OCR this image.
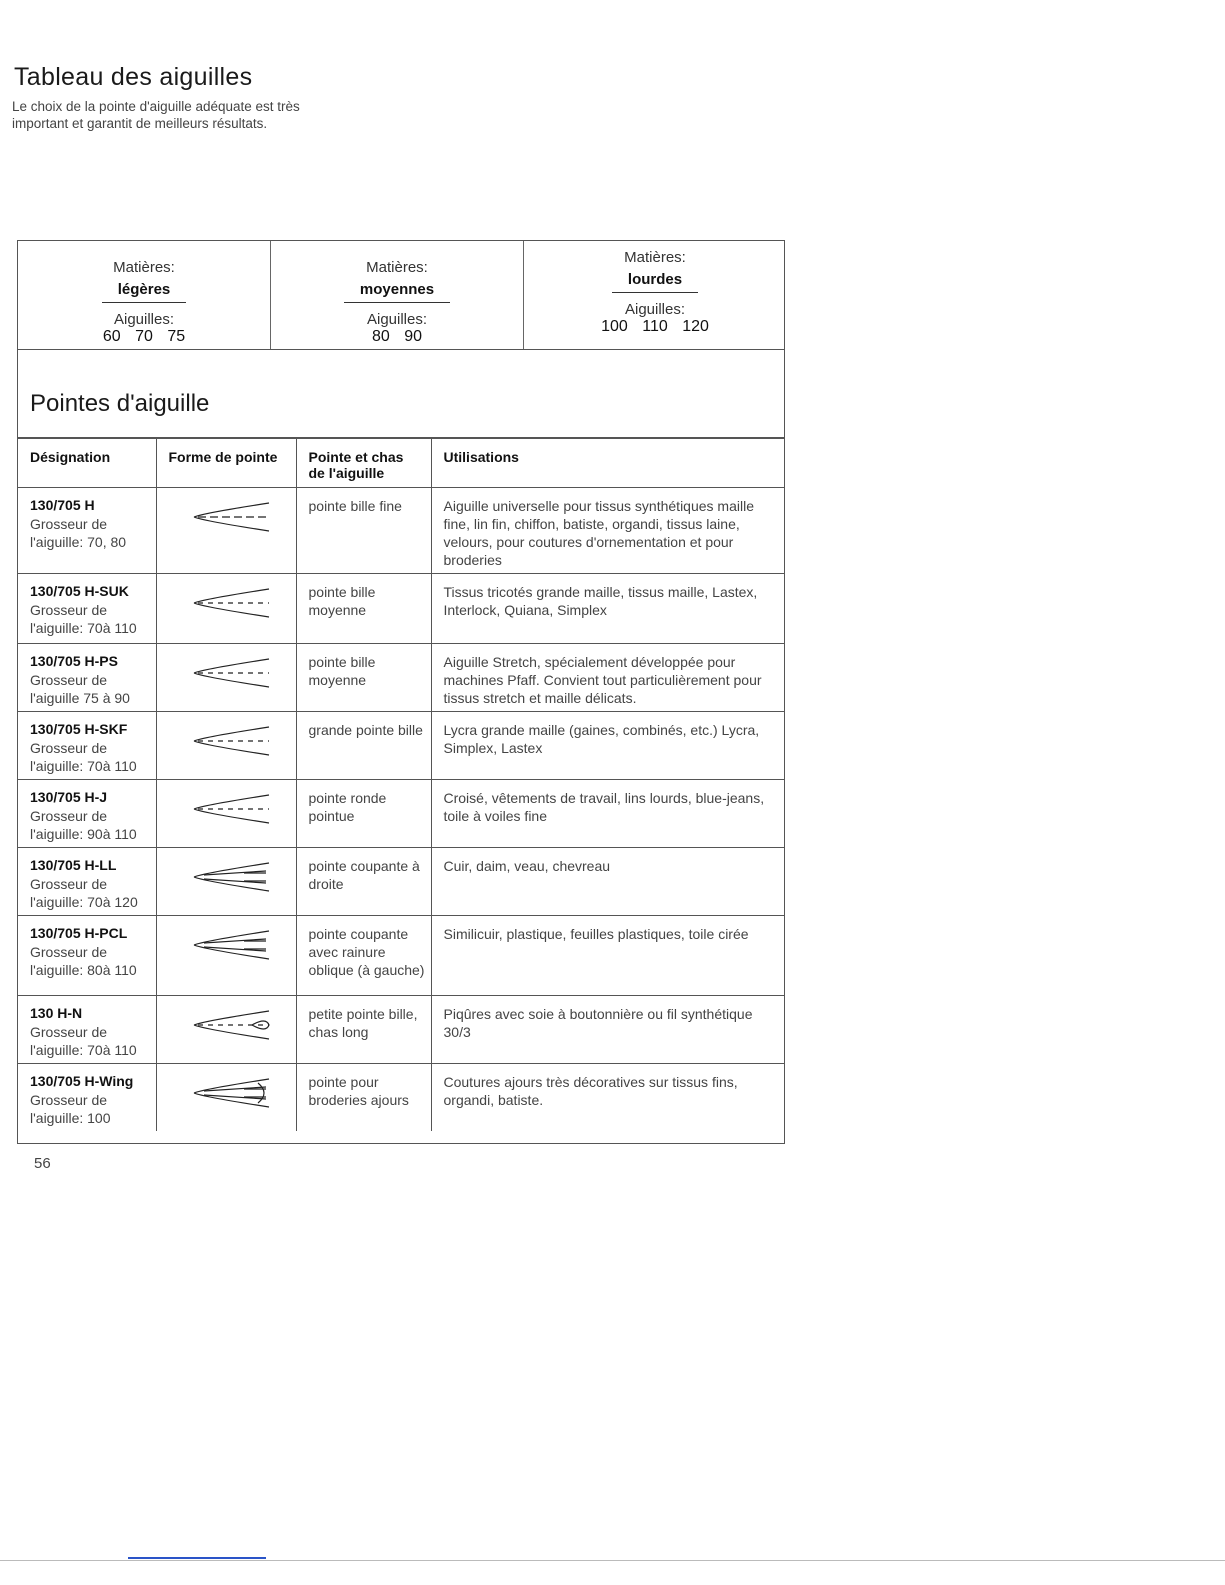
Tableau des aiguilles
Le choix de la pointe d'aiguille adéquate est très
important et garantit de meilleurs résultats.
Matières:
légères
Aiguilles:
60 70 75
Matières:
moyennes
Aiguilles:
80 90
Matières:
lourdes
Aiguilles:
100 110 120
Pointes d'aiguille
Désignation	Forme de pointe	Pointe et chas de l'aiguille	Utilisations

130/705 H
Grosseur de
l'aiguille: 70, 80		pointe bille fine	Aiguille universelle pour tissus synthétiques maille fine, lin fin, chiffon, batiste, organdi, tissus laine, velours, pour coutures d'ornementation et pour broderies

130/705 H-SUK
Grosseur de
l'aiguille: 70à 110		pointe bille moyenne	Tissus tricotés grande maille, tissus maille, Lastex, Interlock, Quiana, Simplex

130/705 H-PS
Grosseur de
l'aiguille 75 à 90		pointe bille moyenne	Aiguille Stretch, spécialement développée pour machines Pfaff. Convient tout particulièrement pour tissus stretch et maille délicats.

130/705 H-SKF
Grosseur de
l'aiguille: 70à 110		grande pointe bille	Lycra grande maille (gaines, combinés, etc.) Lycra, Simplex, Lastex

130/705 H-J
Grosseur de
l'aiguille: 90à 110		pointe ronde pointue	Croisé, vêtements de travail, lins lourds, blue-jeans, toile à voiles fine

130/705 H-LL
Grosseur de
l'aiguille: 70à 120		pointe coupante à droite	Cuir, daim, veau, chevreau

130/705 H-PCL
Grosseur de
l'aiguille: 80à 110		pointe coupante avec rainure oblique (à gauche)	Similicuir, plastique, feuilles plastiques, toile cirée

130 H-N
Grosseur de
l'aiguille: 70à 110		petite pointe bille, chas long	Piqûres avec soie à boutonnière ou fil synthétique 30/3

130/705 H-Wing
Grosseur de
l'aiguille: 100		pointe pour broderies ajours	Coutures ajours très décoratives sur tissus fins, organdi, batiste.
56
